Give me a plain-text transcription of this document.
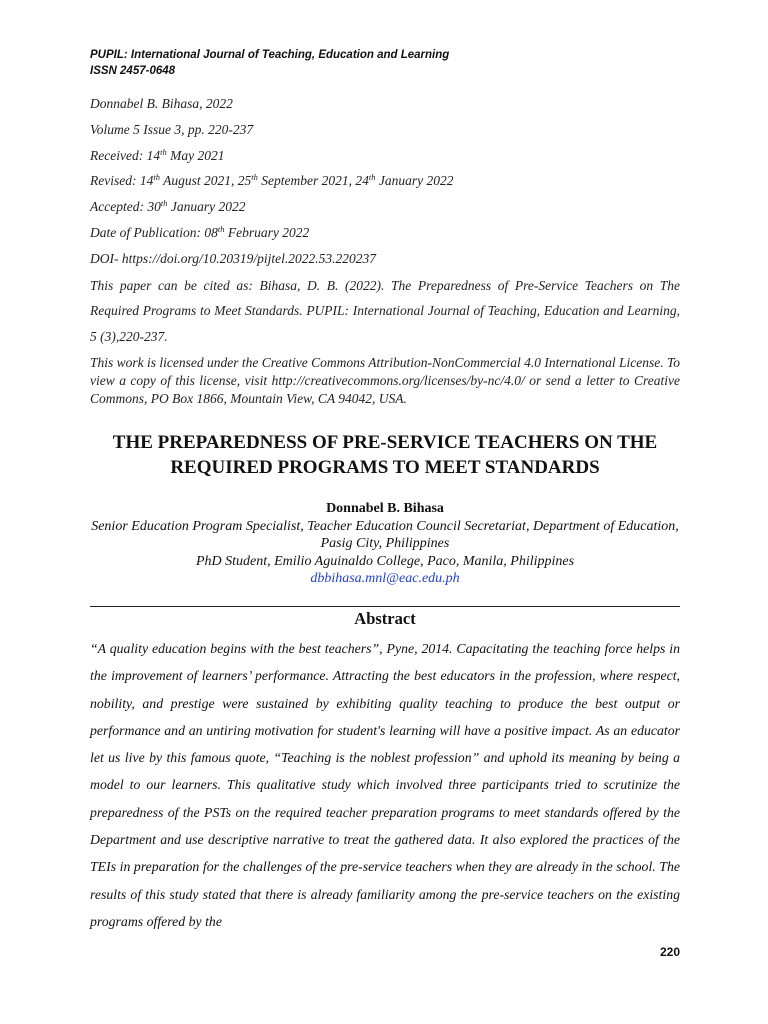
PUPIL: International Journal of Teaching, Education and Learning
ISSN 2457-0648
Donnabel B. Bihasa, 2022
Volume 5 Issue 3, pp. 220-237
Received: 14th May 2021
Revised: 14th August 2021, 25th September 2021, 24th January 2022
Accepted: 30th January 2022
Date of Publication: 08th February 2022
DOI- https://doi.org/10.20319/pijtel.2022.53.220237
This paper can be cited as: Bihasa, D. B. (2022). The Preparedness of Pre-Service Teachers on The Required Programs to Meet Standards. PUPIL: International Journal of Teaching, Education and Learning, 5 (3),220-237.
This work is licensed under the Creative Commons Attribution-NonCommercial 4.0 International License. To view a copy of this license, visit http://creativecommons.org/licenses/by-nc/4.0/ or send a letter to Creative Commons, PO Box 1866, Mountain View, CA 94042, USA.
THE PREPAREDNESS OF PRE-SERVICE TEACHERS ON THE
REQUIRED PROGRAMS TO MEET STANDARDS
Donnabel B. Bihasa
Senior Education Program Specialist, Teacher Education Council Secretariat, Department of Education, Pasig City, Philippines
PhD Student, Emilio Aguinaldo College, Paco, Manila, Philippines
dbbihasa.mnl@eac.edu.ph
Abstract
“A quality education begins with the best teachers”, Pyne, 2014. Capacitating the teaching force helps in the improvement of learners’ performance. Attracting the best educators in the profession, where respect, nobility, and prestige were sustained by exhibiting quality teaching to produce the best output or performance and an untiring motivation for student's learning will have a positive impact. As an educator let us live by this famous quote, “Teaching is the noblest profession” and uphold its meaning by being a model to our learners. This qualitative study which involved three participants tried to scrutinize the preparedness of the PSTs on the required teacher preparation programs to meet standards offered by the Department and use descriptive narrative to treat the gathered data. It also explored the practices of the TEIs in preparation for the challenges of the pre-service teachers when they are already in the school. The results of this study stated that there is already familiarity among the pre-service teachers on the existing programs offered by the
220
